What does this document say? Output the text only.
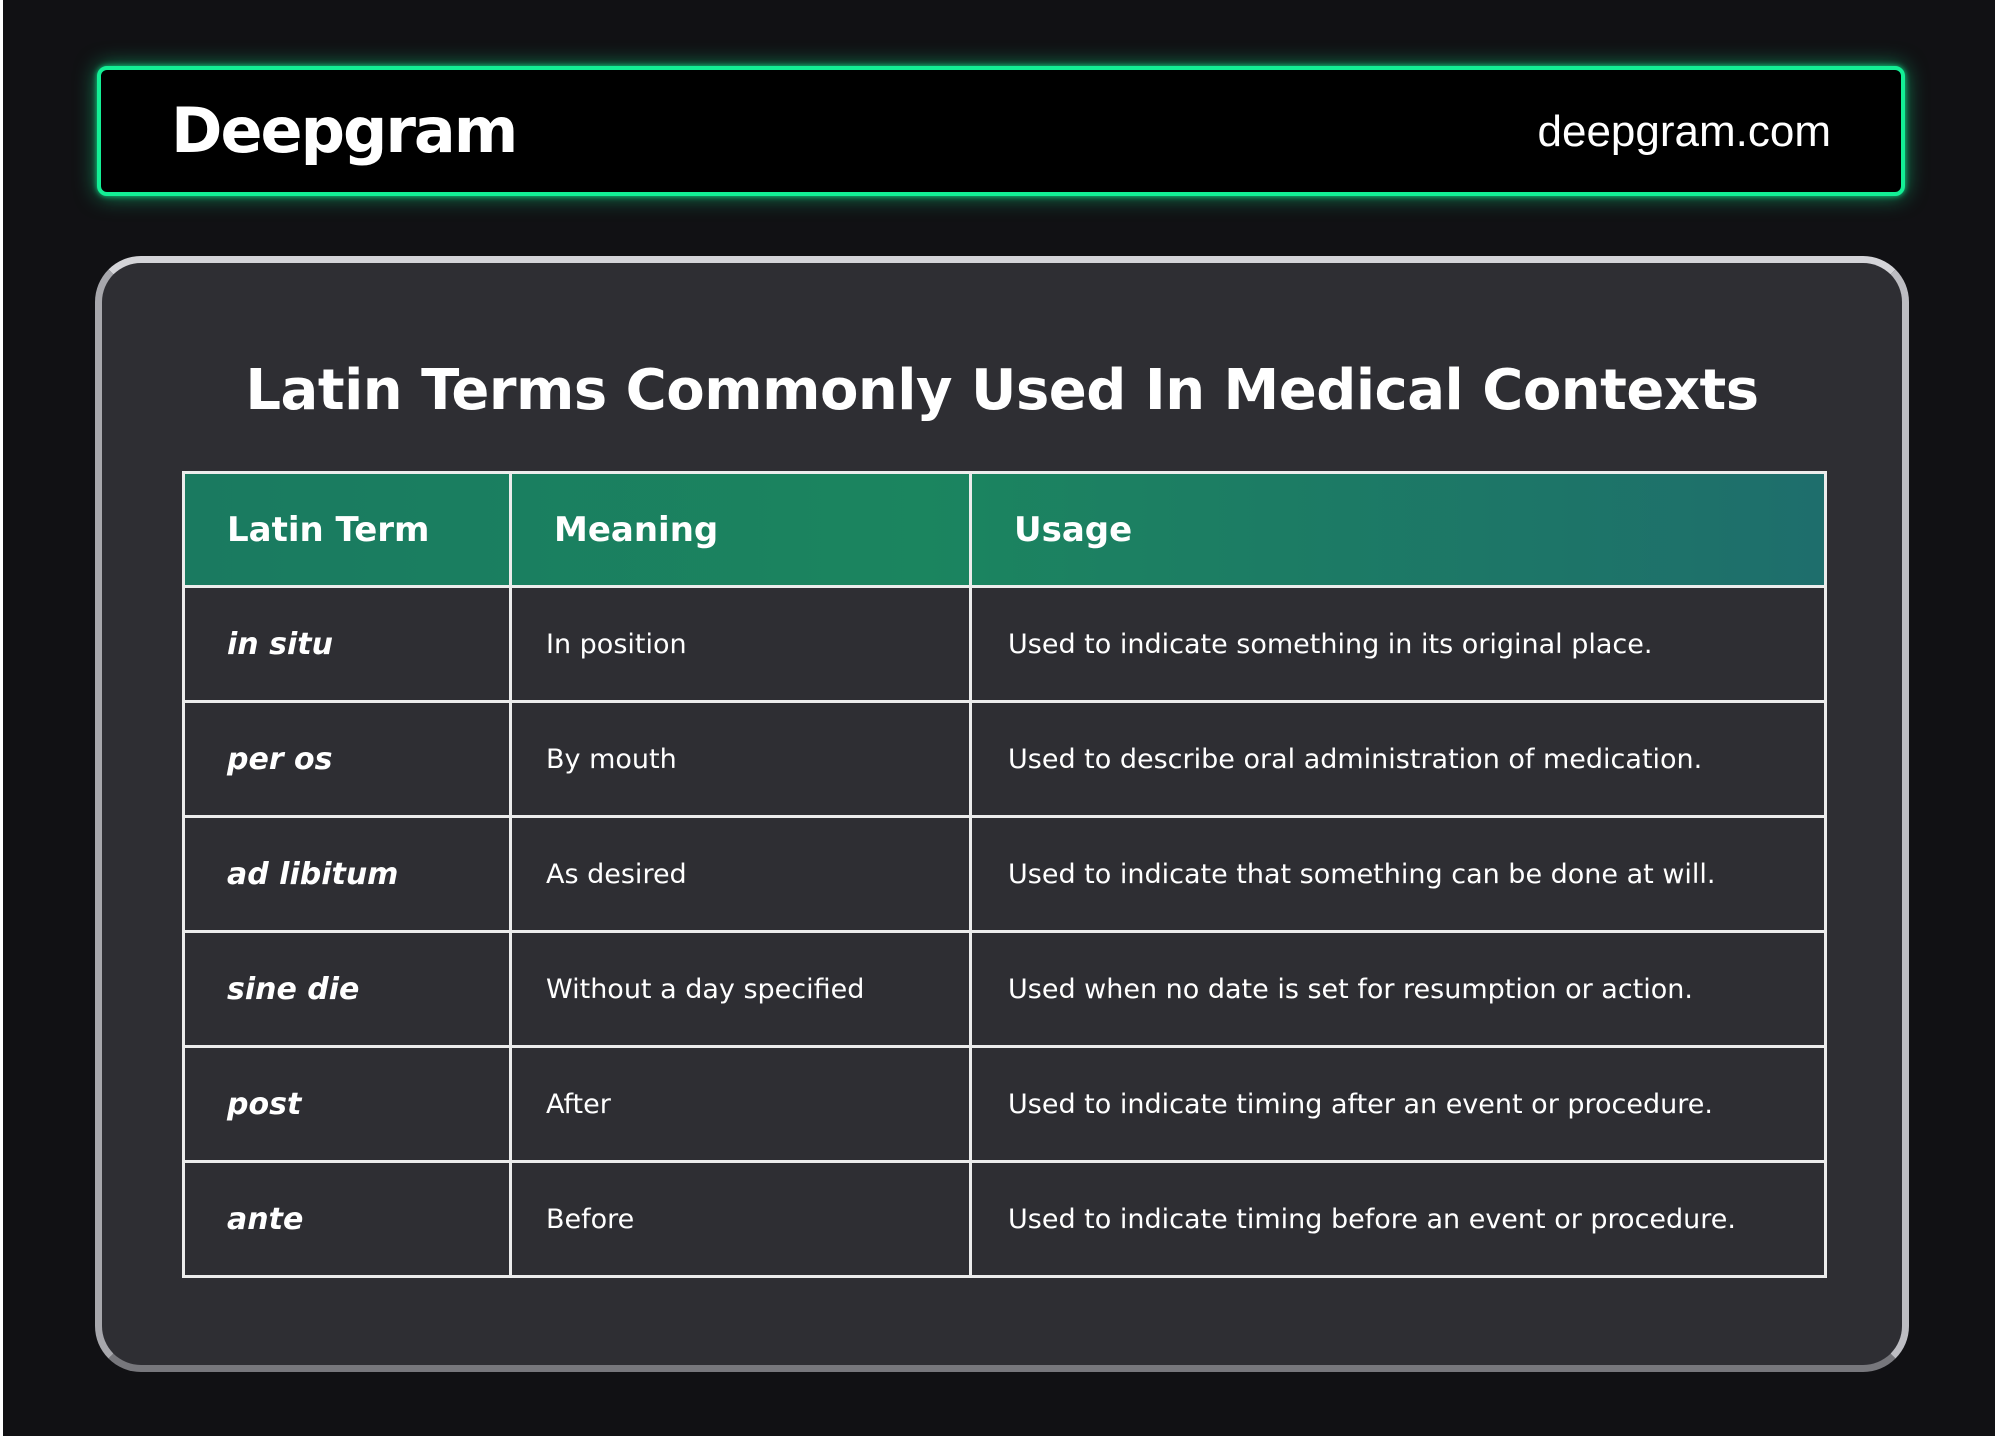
Deepgram	deepgram.com
Latin Terms Commonly Used In Medical Contexts
Latin Term	Meaning	Usage
in situ	In position	Used to indicate something in its original place.
per os	By mouth	Used to describe oral administration of medication.
ad libitum	As desired	Used to indicate that something can be done at will.
sine die	Without a day specified	Used when no date is set for resumption or action.
post	After	Used to indicate timing after an event or procedure.
ante	Before	Used to indicate timing before an event or procedure.
